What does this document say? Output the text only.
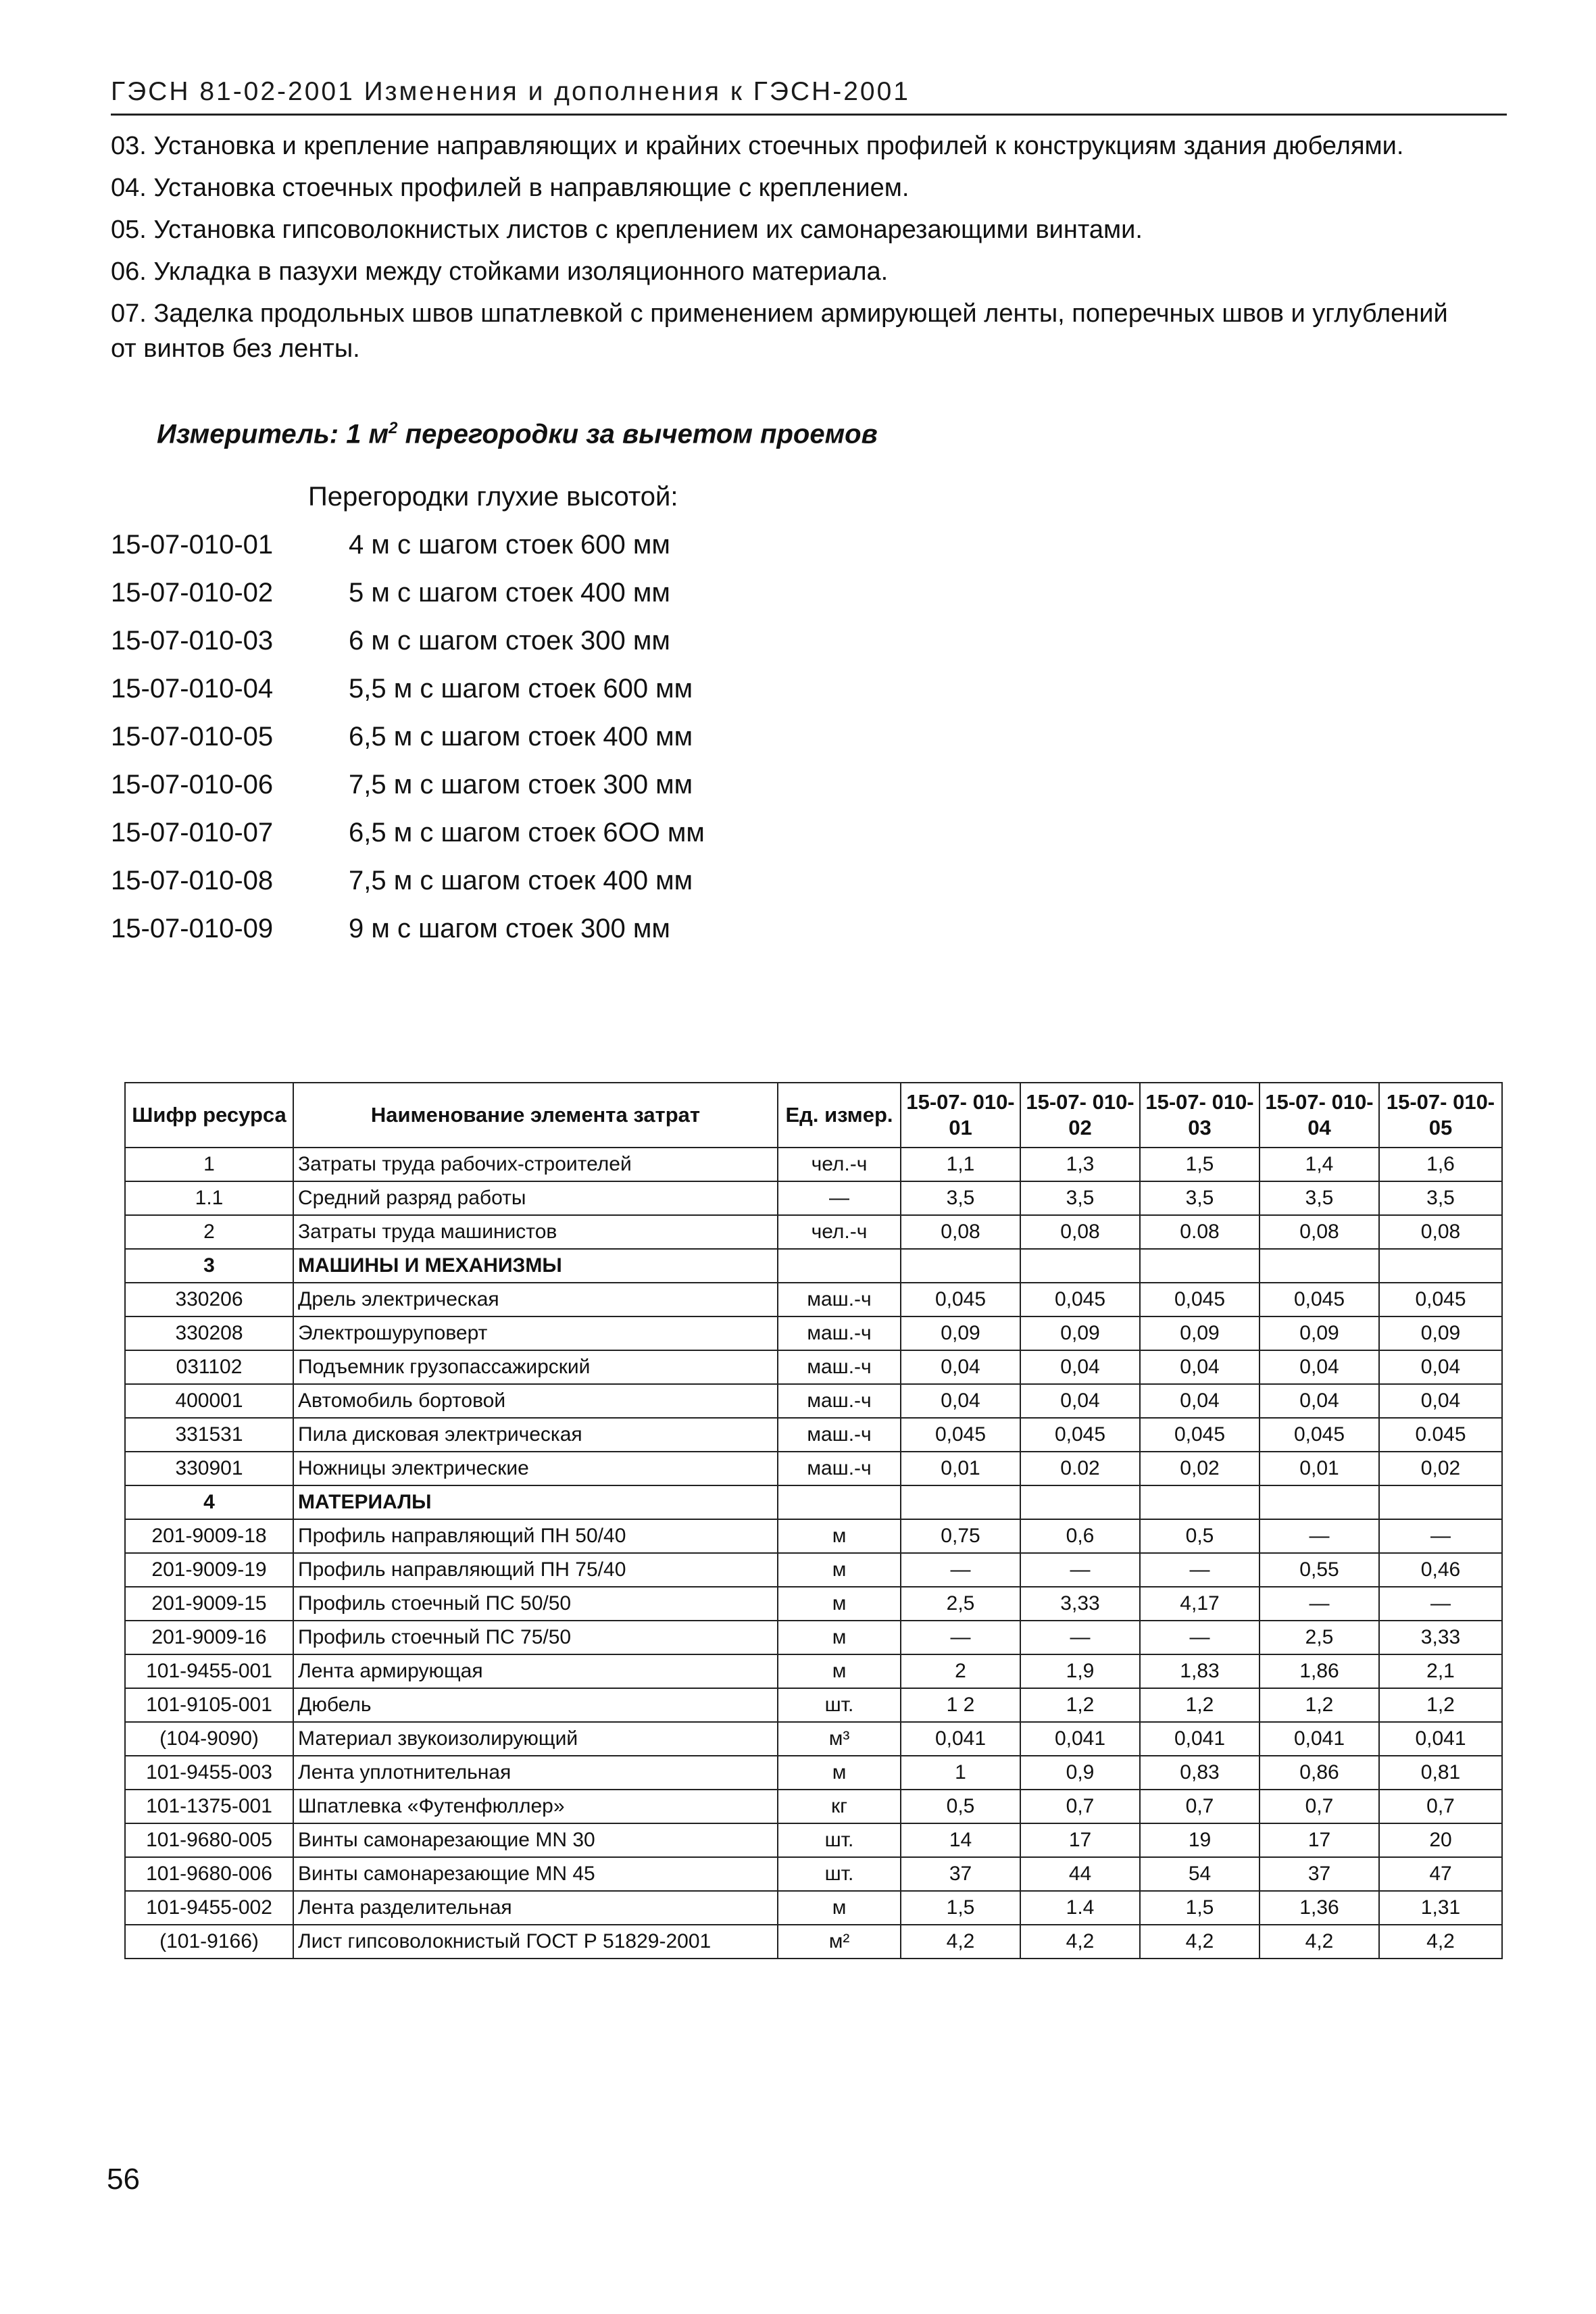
ГЭСН 81-02-2001 Изменения и дополнения к ГЭСН-2001

03. Установка и крепление направляющих и крайних стоечных профилей к конструкциям здания дюбелями.

04. Установка стоечных профилей в направляющие с креплением.

05. Установка гипсоволокнистых листов с креплением их самонарезающими винтами.

06. Укладка в пазухи между стойками изоляционного материала.

07. Заделка продольных швов шпатлевкой с применением армирующей ленты, поперечных швов и углублений от винтов без ленты.

Измеритель: 1 $м^2$ перегородки за вычетом проемов
Перегородки глухие высотой:
15-07-010-01	4 м с шагом стоек 600 мм
15-07-010-02	5 м с шагом стоек 400 мм
15-07-010-03	6 м с шагом стоек 300 мм
15-07-010-04	5,5 м с шагом стоек 600 мм
15-07-010-05	6,5 м с шагом стоек 400 мм
15-07-010-06	7,5 м с шагом стоек 300 мм
15-07-010-07	6,5 м с шагом стоек 6ОО мм
15-07-010-08	7,5 м с шагом стоек 400 мм
15-07-010-09	9 м с шагом стоек 300 мм
Шифр ресурса	Наименование элемента затрат	Ед. измер.	15-07- 010-01	15-07- 010-02	15-07- 010-03	15-07- 010-04	15-07- 010-05
1	Затраты труда рабочих-строителей	чел.-ч	1,1	1,3	1,5	1,4	1,6
1.1	Средний разряд работы	—	3,5	3,5	3,5	3,5	3,5
2	Затраты труда машинистов	чел.-ч	0,08	0,08	0.08	0,08	0,08
3	МАШИНЫ И МЕХАНИЗМЫ						
330206	Дрель электрическая	маш.-ч	0,045	0,045	0,045	0,045	0,045
330208	Электрошуруповерт	маш.-ч	0,09	0,09	0,09	0,09	0,09
031102	Подъемник грузопассажирский	маш.-ч	0,04	0,04	0,04	0,04	0,04
400001	Автомобиль бортовой	маш.-ч	0,04	0,04	0,04	0,04	0,04
331531	Пила дисковая электрическая	маш.-ч	0,045	0,045	0,045	0,045	0.045
330901	Ножницы электрические	маш.-ч	0,01	0.02	0,02	0,01	0,02
4	МАТЕРИАЛЫ						
201-9009-18	Профиль направляющий ПН 50/40	м	0,75	0,6	0,5	—	—
201-9009-19	Профиль направляющий ПН 75/40	м	—	—	—	0,55	0,46
201-9009-15	Профиль стоечный ПС 50/50	м	2,5	3,33	4,17	—	—
201-9009-16	Профиль стоечный ПС 75/50	м	—	—	—	2,5	3,33
101-9455-001	Лента армирующая	м	2	1,9	1,83	1,86	2,1
101-9105-001	Дюбель	шт.	1 2	1,2	1,2	1,2	1,2
(104-9090)	Материал звукоизолирующий	м³	0,041	0,041	0,041	0,041	0,041
101-9455-003	Лента уплотнительная	м	1	0,9	0,83	0,86	0,81
101-1375-001	Шпатлевка «Футенфюллер»	кг	0,5	0,7	0,7	0,7	0,7
101-9680-005	Винты самонарезающие MN 30	шт.	14	17	19	17	20
101-9680-006	Винты самонарезающие MN 45	шт.	37	44	54	37	47
101-9455-002	Лента разделительная	м	1,5	1.4	1,5	1,36	1,31
(101-9166)	Лист гипсоволокнистый ГОСТ Р 51829-2001	м²	4,2	4,2	4,2	4,2	4,2
56
